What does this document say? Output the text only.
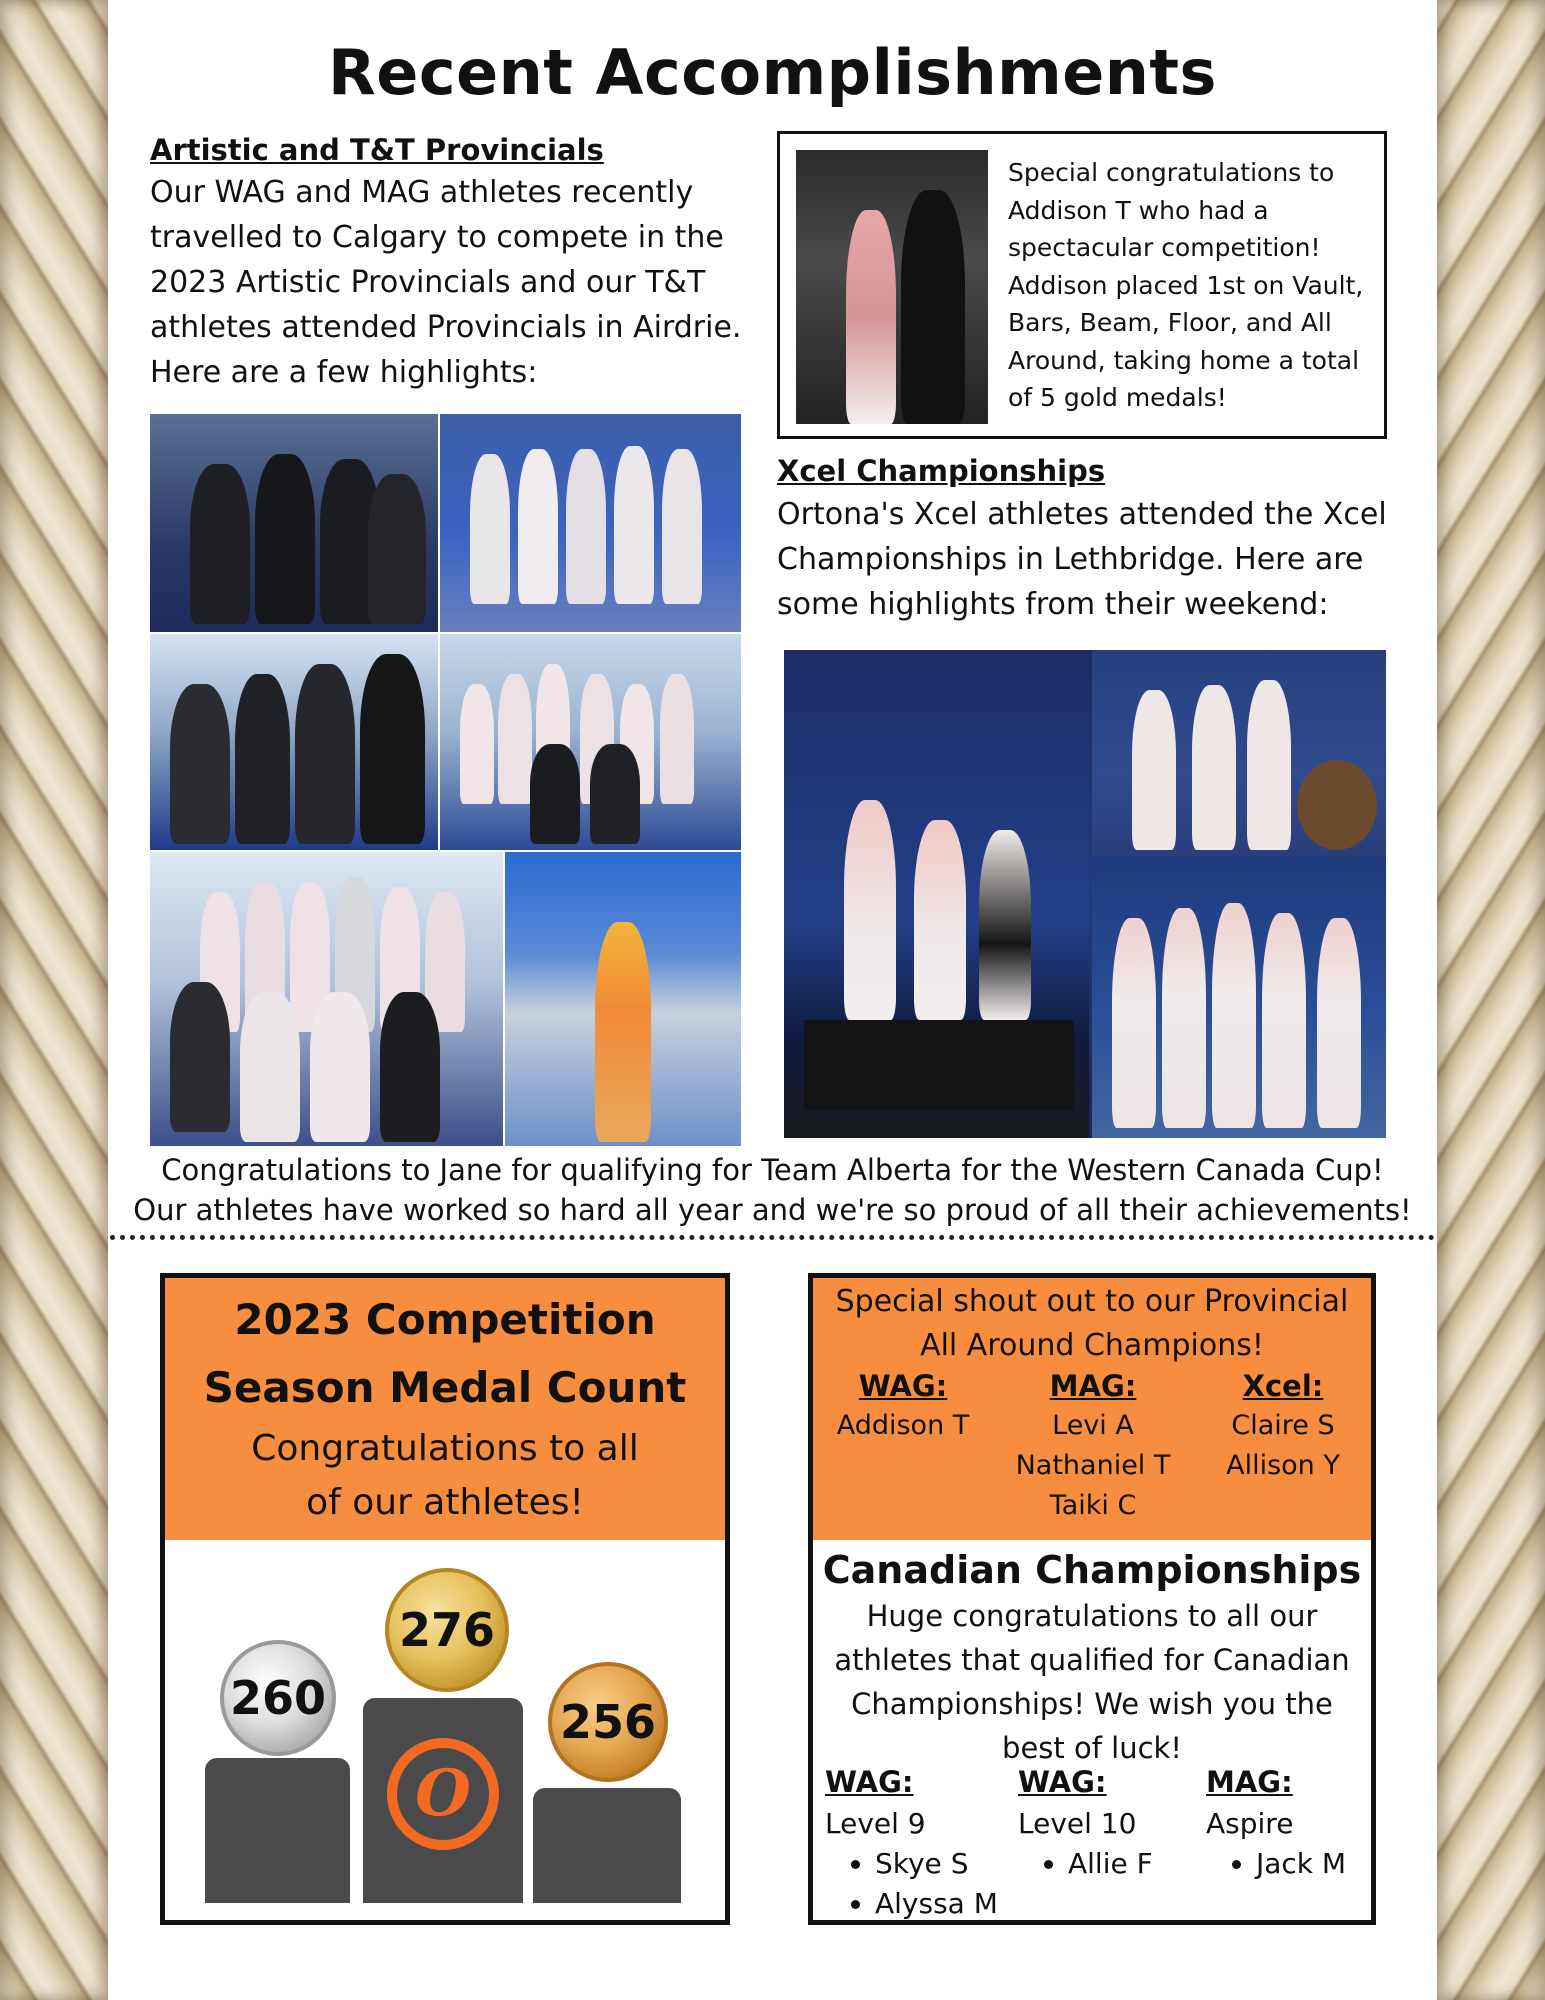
Recent Accomplishments
Artistic and T&T Provincials
Our WAG and MAG athletes recently
travelled to Calgary to compete in the
2023 Artistic Provincials and our T&T
athletes attended Provincials in Airdrie.
Here are a few highlights:
Special congratulations to
Addison T who had a
spectacular competition!
Addison placed 1st on Vault,
Bars, Beam, Floor, and All
Around, taking home a total
of 5 gold medals!
Xcel Championships
Ortona's Xcel athletes attended the Xcel
Championships in Lethbridge. Here are
some highlights from their weekend:
Congratulations to Jane for qualifying for Team Alberta for the Western Canada Cup!
Our athletes have worked so hard all year and we're so proud of all their achievements!
2023 Competition
Season Medal Count
Congratulations to all
of our athletes!
O
260
276
256
Special shout out to our Provincial
All Around Champions!
WAG:
Addison T
MAG:
Levi A
Nathaniel T
Taiki C
Xcel:
Claire S
Allison Y
Canadian Championships
Huge congratulations to all our
athletes that qualified for Canadian
Championships! We wish you the
best of luck!
WAG:
Level 9
• Skye S
• Alyssa M
WAG:
Level 10
• Allie F
MAG:
Aspire
• Jack M
